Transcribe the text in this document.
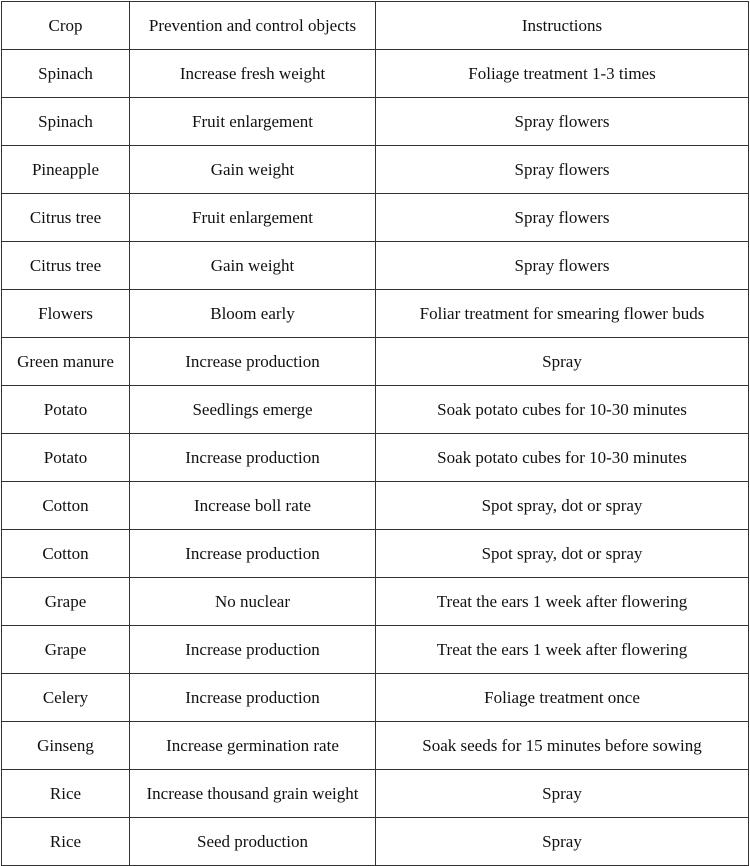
Crop	Prevention and control objects	Instructions
Spinach	Increase fresh weight	Foliage treatment 1-3 times
Spinach	Fruit enlargement	Spray flowers
Pineapple	Gain weight	Spray flowers
Citrus tree	Fruit enlargement	Spray flowers
Citrus tree	Gain weight	Spray flowers
Flowers	Bloom early	Foliar treatment for smearing flower buds
Green manure	Increase production	Spray
Potato	Seedlings emerge	Soak potato cubes for 10-30 minutes
Potato	Increase production	Soak potato cubes for 10-30 minutes
Cotton	Increase boll rate	Spot spray, dot or spray
Cotton	Increase production	Spot spray, dot or spray
Grape	No nuclear	Treat the ears 1 week after flowering
Grape	Increase production	Treat the ears 1 week after flowering
Celery	Increase production	Foliage treatment once
Ginseng	Increase germination rate	Soak seeds for 15 minutes before sowing
Rice	Increase thousand grain weight	Spray
Rice	Seed production	Spray
